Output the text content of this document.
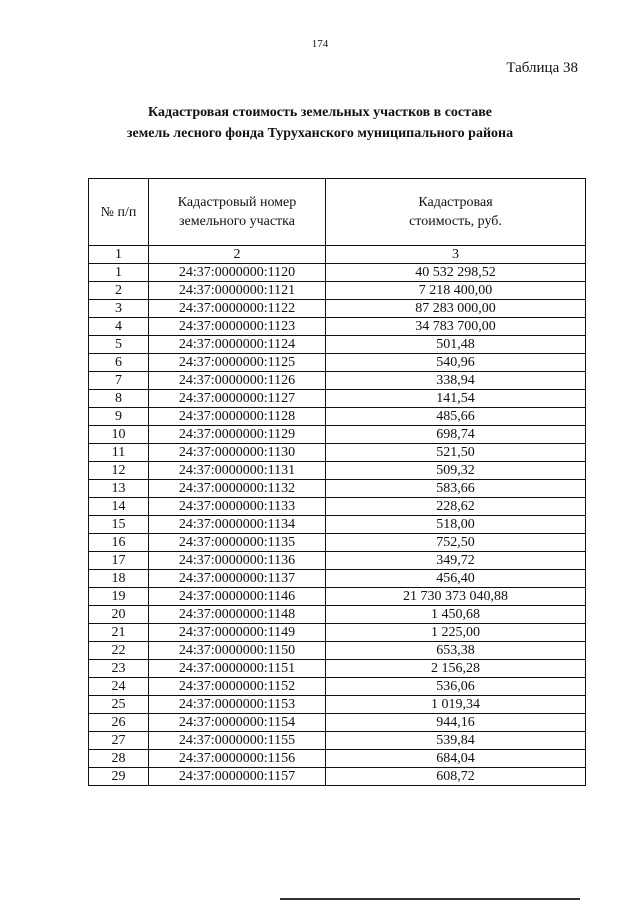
174
Таблица 38
Кадастровая стоимость земельных участков в составе
земель лесного фонда Туруханского муниципального района
№ п/п	Кадастровый номер земельного участка	Кадастровая стоимость, руб.
1	2	3
1	24:37:0000000:1120	40 532 298,52
2	24:37:0000000:1121	7 218 400,00
3	24:37:0000000:1122	87 283 000,00
4	24:37:0000000:1123	34 783 700,00
5	24:37:0000000:1124	501,48
6	24:37:0000000:1125	540,96
7	24:37:0000000:1126	338,94
8	24:37:0000000:1127	141,54
9	24:37:0000000:1128	485,66
10	24:37:0000000:1129	698,74
11	24:37:0000000:1130	521,50
12	24:37:0000000:1131	509,32
13	24:37:0000000:1132	583,66
14	24:37:0000000:1133	228,62
15	24:37:0000000:1134	518,00
16	24:37:0000000:1135	752,50
17	24:37:0000000:1136	349,72
18	24:37:0000000:1137	456,40
19	24:37:0000000:1146	21 730 373 040,88
20	24:37:0000000:1148	1 450,68
21	24:37:0000000:1149	1 225,00
22	24:37:0000000:1150	653,38
23	24:37:0000000:1151	2 156,28
24	24:37:0000000:1152	536,06
25	24:37:0000000:1153	1 019,34
26	24:37:0000000:1154	944,16
27	24:37:0000000:1155	539,84
28	24:37:0000000:1156	684,04
29	24:37:0000000:1157	608,72
